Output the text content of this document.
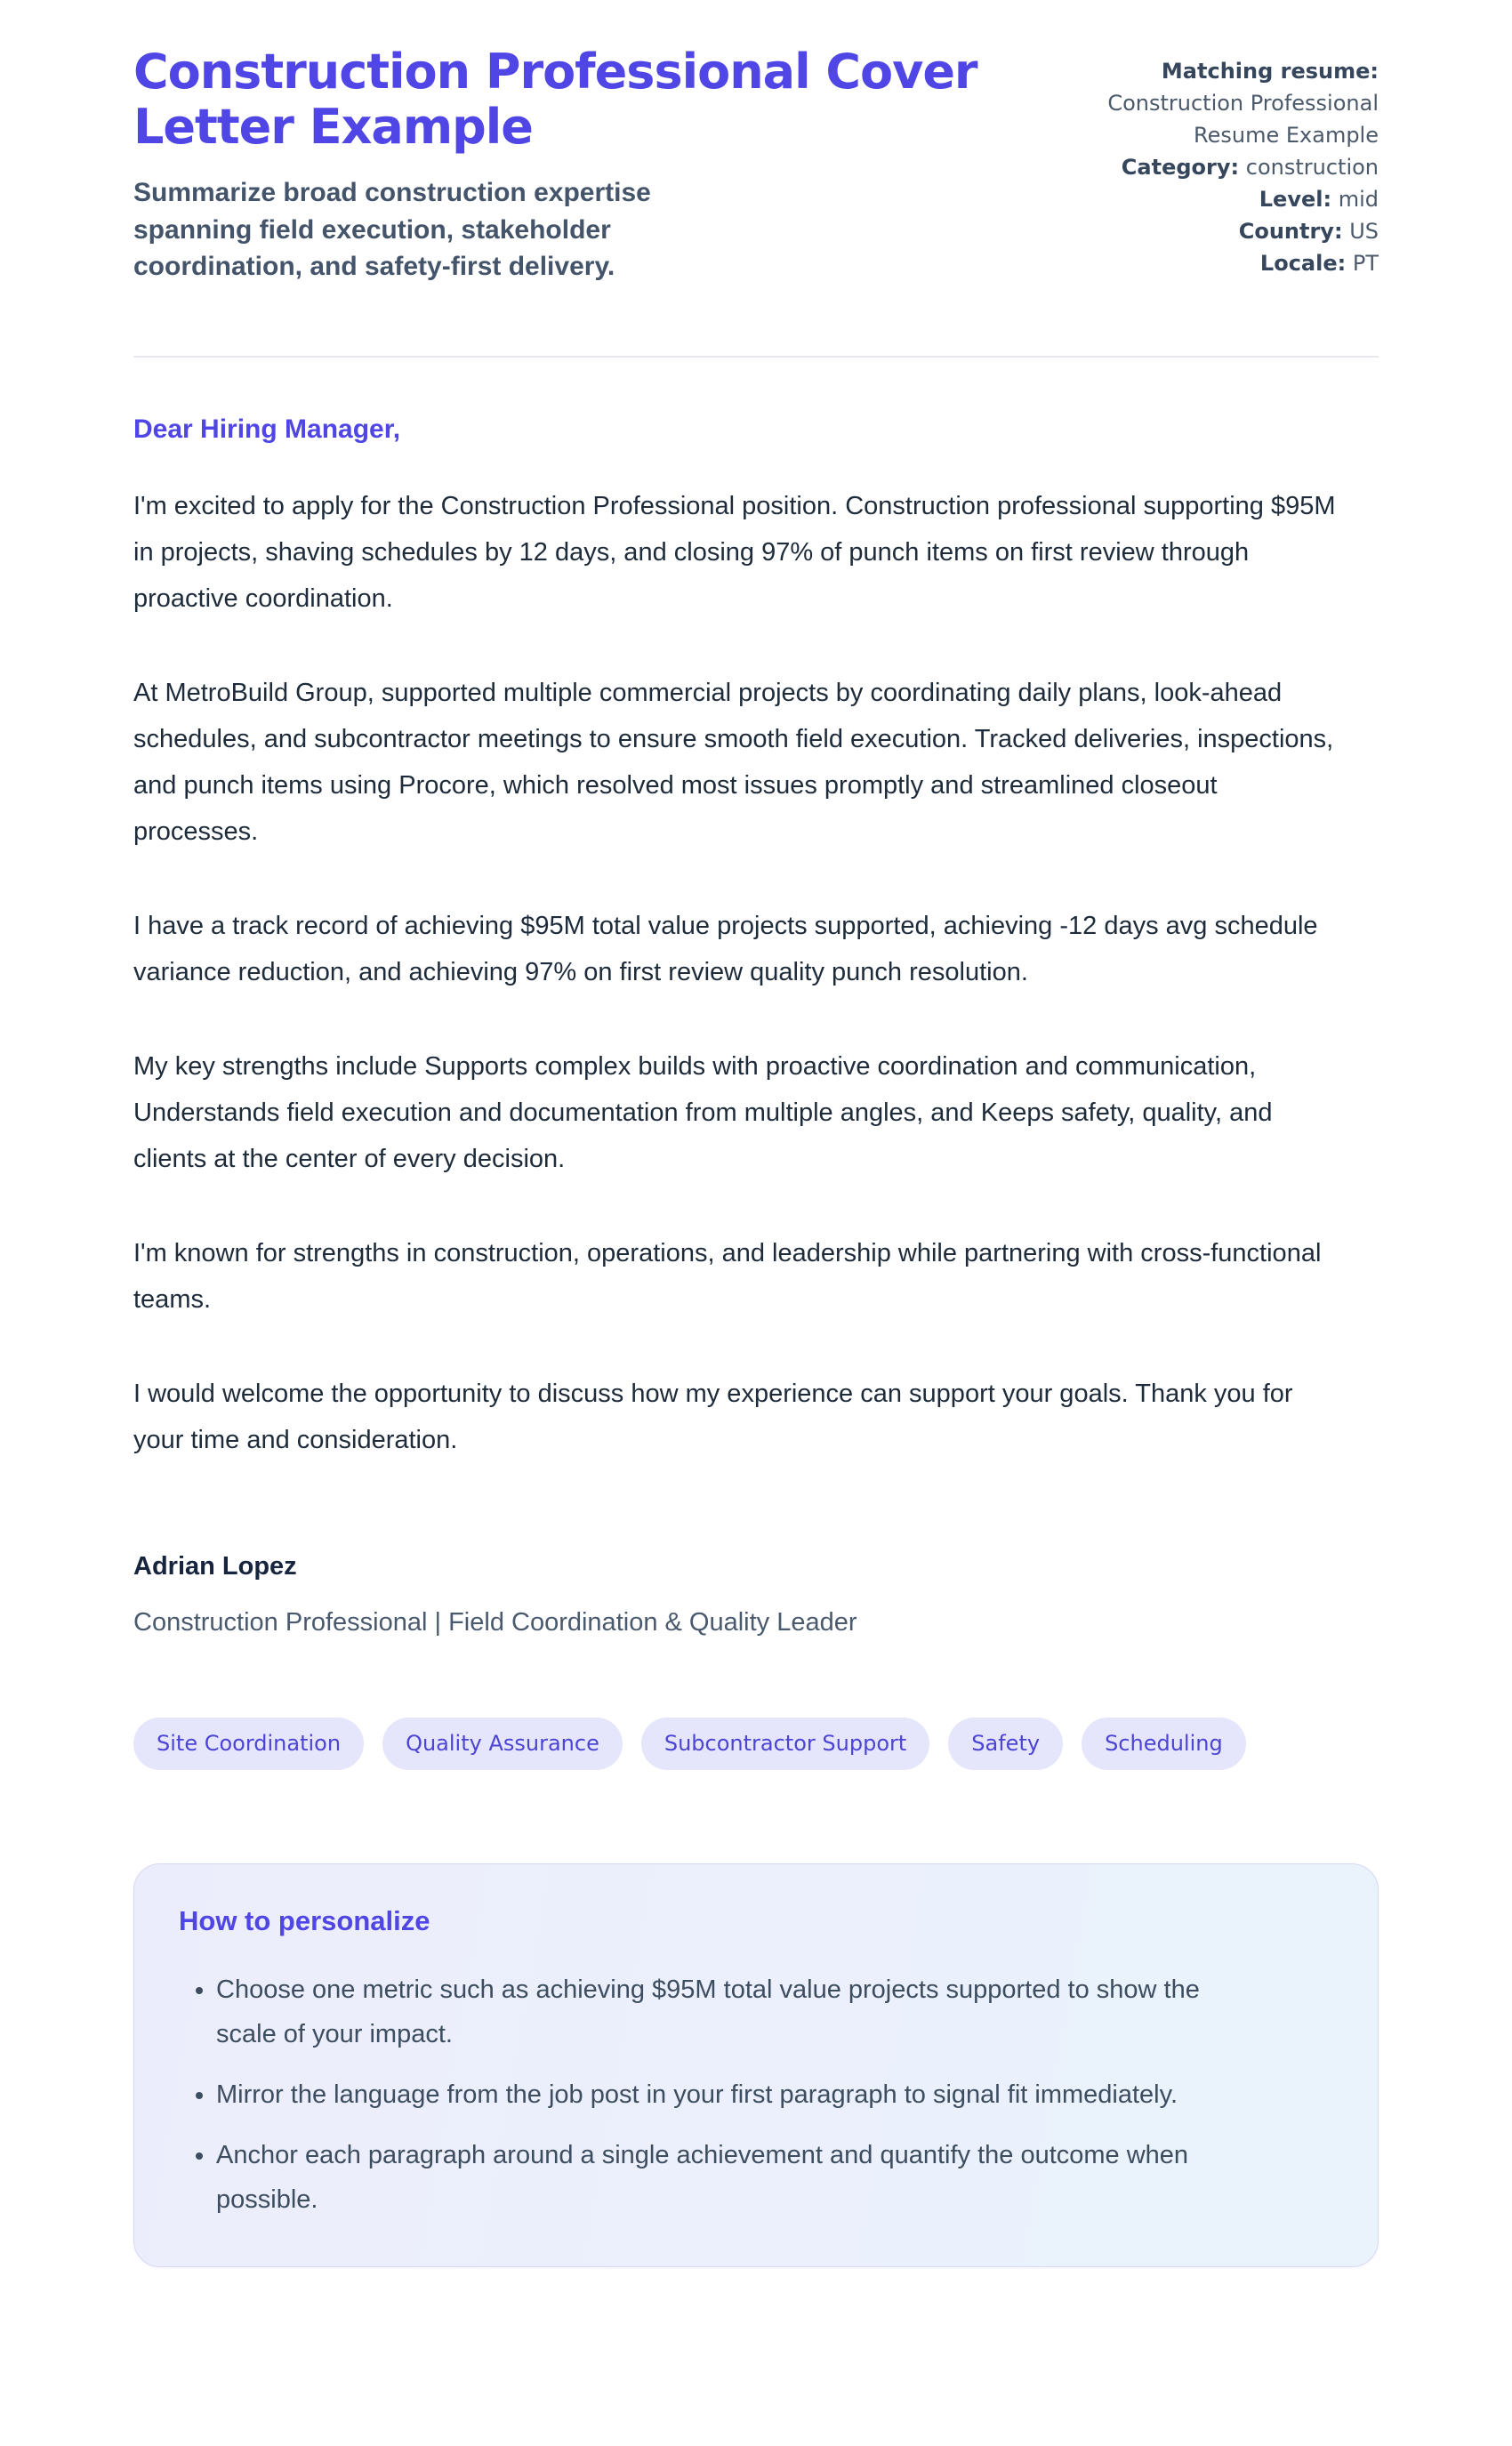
Construction Professional Cover Letter Example
Summarize broad construction expertise spanning field execution, stakeholder coordination, and safety-first delivery.
Matching resume:
Construction Professional Resume Example
Category: construction
Level: mid
Country: US
Locale: PT
Dear Hiring Manager,

I'm excited to apply for the Construction Professional position. Construction professional supporting $95M in projects, shaving schedules by 12 days, and closing 97% of punch items on first review through proactive coordination.

At MetroBuild Group, supported multiple commercial projects by coordinating daily plans, look-ahead schedules, and subcontractor meetings to ensure smooth field execution. Tracked deliveries, inspections, and punch items using Procore, which resolved most issues promptly and streamlined closeout processes.

I have a track record of achieving $95M total value projects supported, achieving -12 days avg schedule variance reduction, and achieving 97% on first review quality punch resolution.

My key strengths include Supports complex builds with proactive coordination and communication, Understands field execution and documentation from multiple angles, and Keeps safety, quality, and clients at the center of every decision.

I'm known for strengths in construction, operations, and leadership while partnering with cross-functional teams.

I would welcome the opportunity to discuss how my experience can support your goals. Thank you for your time and consideration.

Adrian Lopez
Construction Professional | Field Coordination & Quality Leader
Site Coordination	Quality Assurance	Subcontractor Support	Safety	Scheduling
How to personalize
• Choose one metric such as achieving $95M total value projects supported to show the scale of your impact.
• Mirror the language from the job post in your first paragraph to signal fit immediately.
• Anchor each paragraph around a single achievement and quantify the outcome when possible.
